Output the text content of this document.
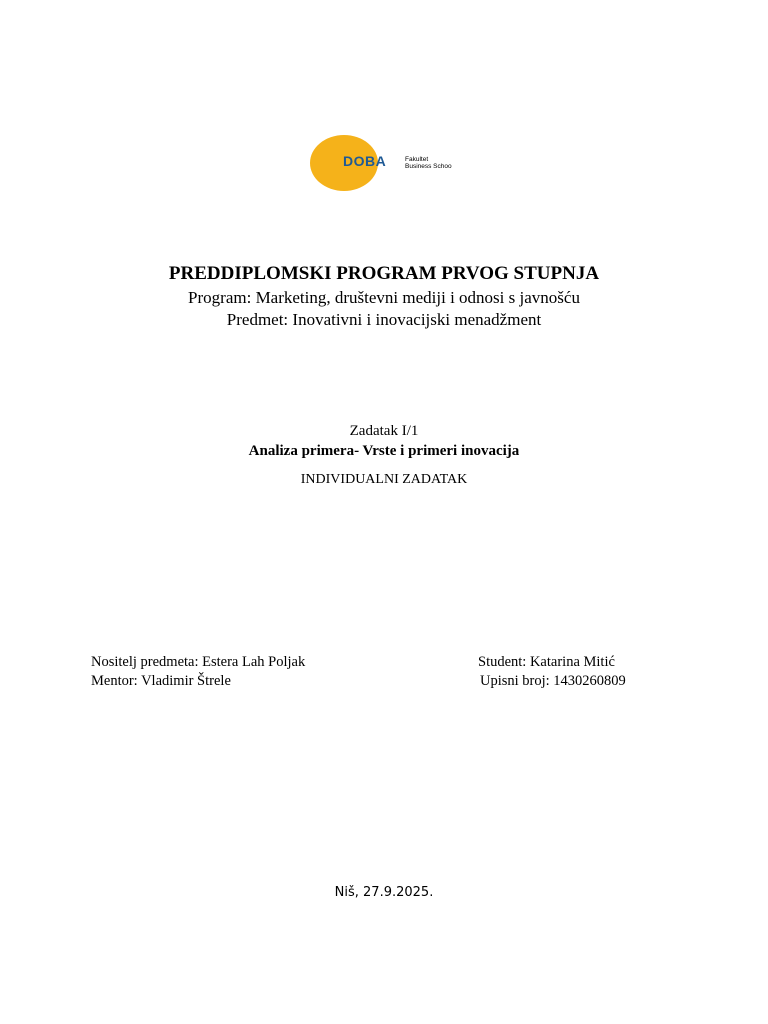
DOBA	Fakultet
Business Schoo
PREDDIPLOMSKI PROGRAM PRVOG STUPNJA
Program: Marketing, društevni mediji i odnosi s javnošću
Predmet: Inovativni i inovacijski menadžment
Zadatak I/1
Analiza primera- Vrste i primeri inovacija
INDIVIDUALNI ZADATAK
Nositelj predmeta: Estera Lah Poljak
Mentor: Vladimir Štrele
Student: Katarina Mitić
Upisni broj: 1430260809
Niš, 27.9.2025.
